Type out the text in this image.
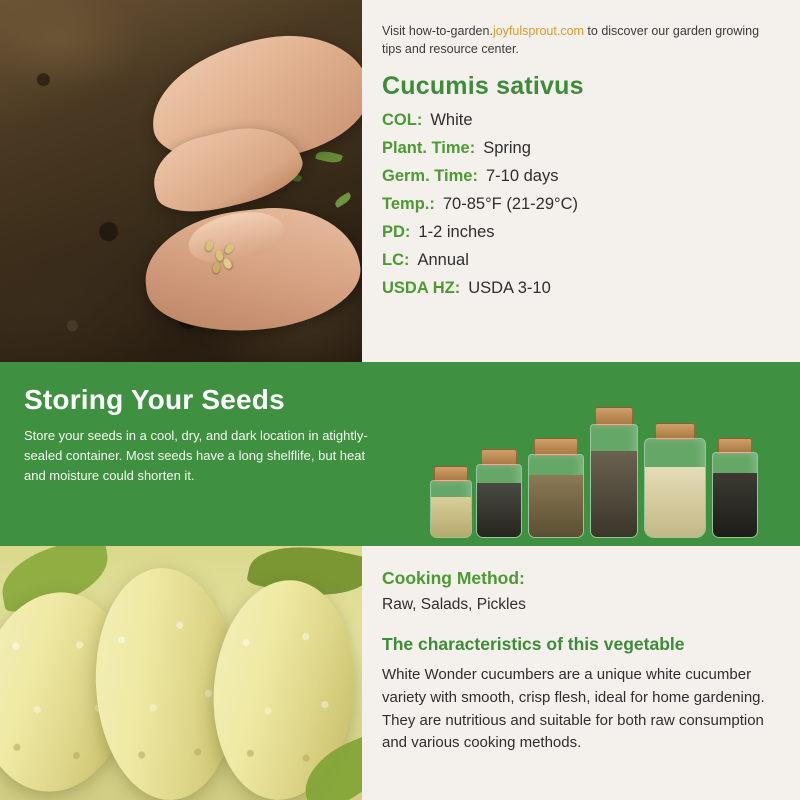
Visit how-to-garden.joyfulsprout.com to discover our garden growing tips and resource center.

Cucumis sativus
COL: White
Plant. Time: Spring
Germ. Time: 7-10 days
Temp.: 70-85°F (21-29°C)
PD: 1-2 inches
LC: Annual
USDA HZ: USDA 3-10
Storing Your Seeds

Store your seeds in a cool, dry, and dark location in atightly-sealed container. Most seeds have a long shelflife, but heat and moisture could shorten it.

Cooking Method:

Raw, Salads, Pickles

The characteristics of this vegetable

White Wonder cucumbers are a unique white cucumber variety with smooth, crisp flesh, ideal for home gardening. They are nutritious and suitable for both raw consumption and various cooking methods.
